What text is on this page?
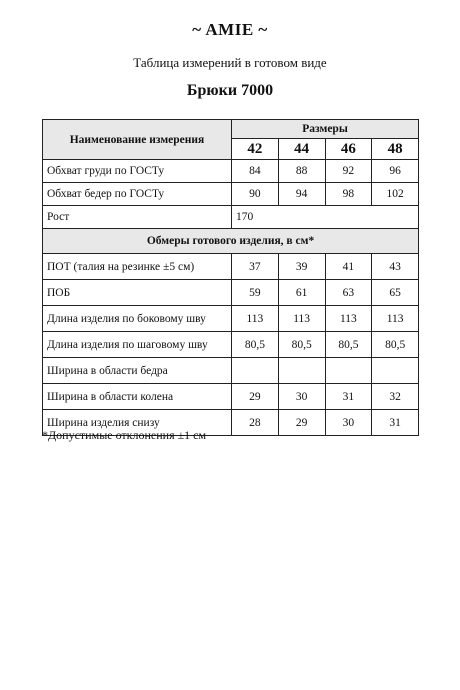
~ AMIE ~
Таблица измерений в готовом виде
Брюки 7000
Наименование измерения	Размеры			
	42	44	46	48
Обхват груди по ГОСТу	84	88	92	96
Обхват бедер по ГОСТу	90	94	98	102
Рост	170			
Обмеры готового изделия, в см*				
ПОТ (талия на резинке ±5 см)	37	39	41	43
ПОБ	59	61	63	65
Длина изделия по боковому шву	113	113	113	113
Длина изделия по шаговому шву	80,5	80,5	80,5	80,5
Ширина в области бедра				
Ширина в области колена	29	30	31	32
Ширина изделия снизу	28	29	30	31
*Допустимые отклонения ±1 см
